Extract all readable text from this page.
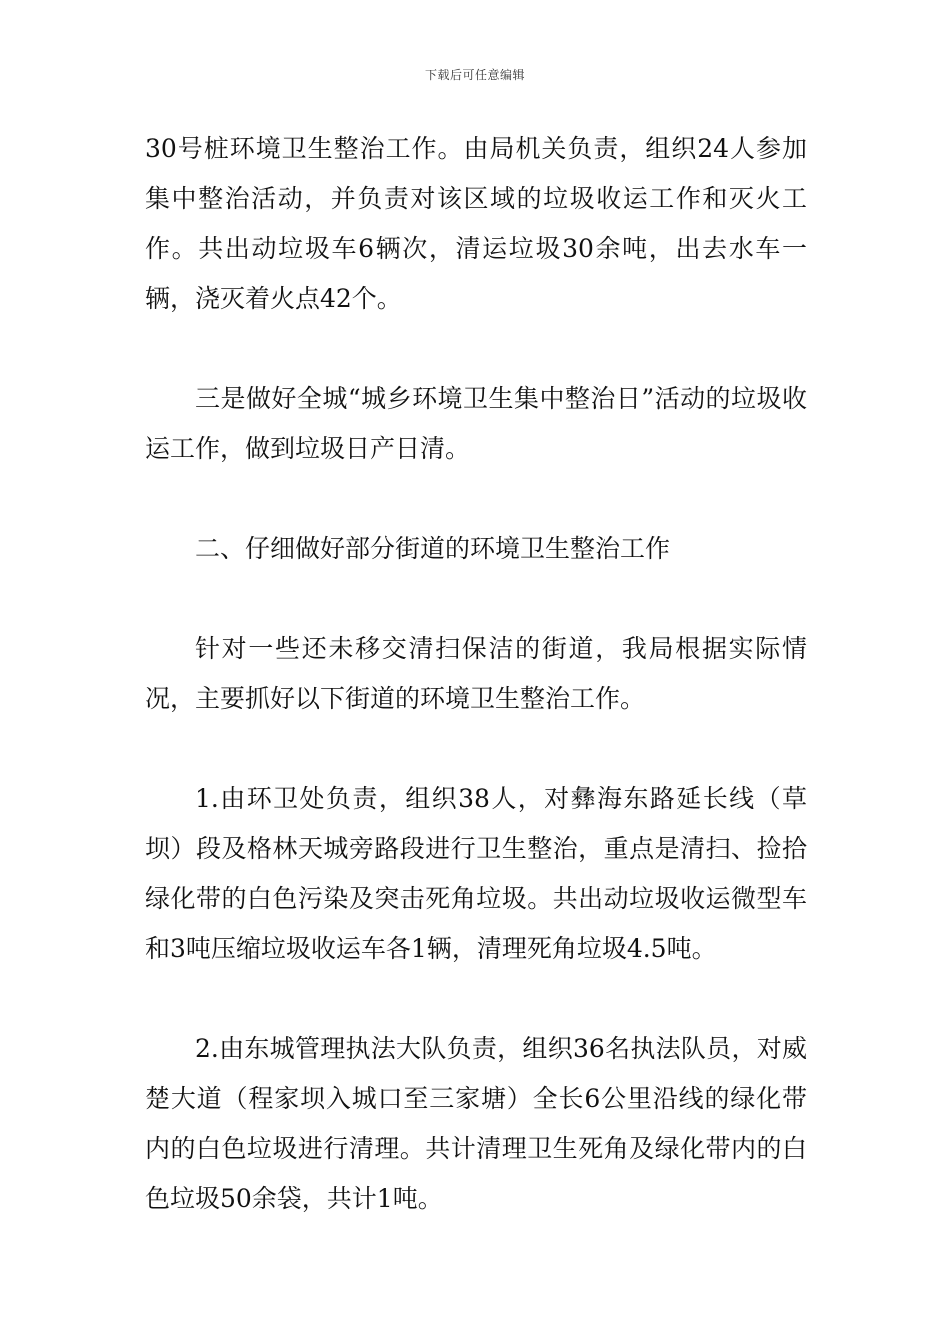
下载后可任意编辑

30号桩环境卫生整治工作。由局机关负责，组织24人参加集中整治活动，并负责对该区域的垃圾收运工作和灭火工作。共出动垃圾车6辆次，清运垃圾30余吨，出去水车一辆，浇灭着火点42个。

三是做好全城“城乡环境卫生集中整治日”活动的垃圾收运工作，做到垃圾日产日清。

二、仔细做好部分街道的环境卫生整治工作

针对一些还未移交清扫保洁的街道，我局根据实际情况，主要抓好以下街道的环境卫生整治工作。

1.由环卫处负责，组织38人，对彝海东路延长线（草坝）段及格林天城旁路段进行卫生整治，重点是清扫、捡拾绿化带的白色污染及突击死角垃圾。共出动垃圾收运微型车和3吨压缩垃圾收运车各1辆，清理死角垃圾4.5吨。

2.由东城管理执法大队负责，组织36名执法队员，对威楚大道（程家坝入城口至三家塘）全长6公里沿线的绿化带内的白色垃圾进行清理。共计清理卫生死角及绿化带内的白色垃圾50余袋，共计1吨。
